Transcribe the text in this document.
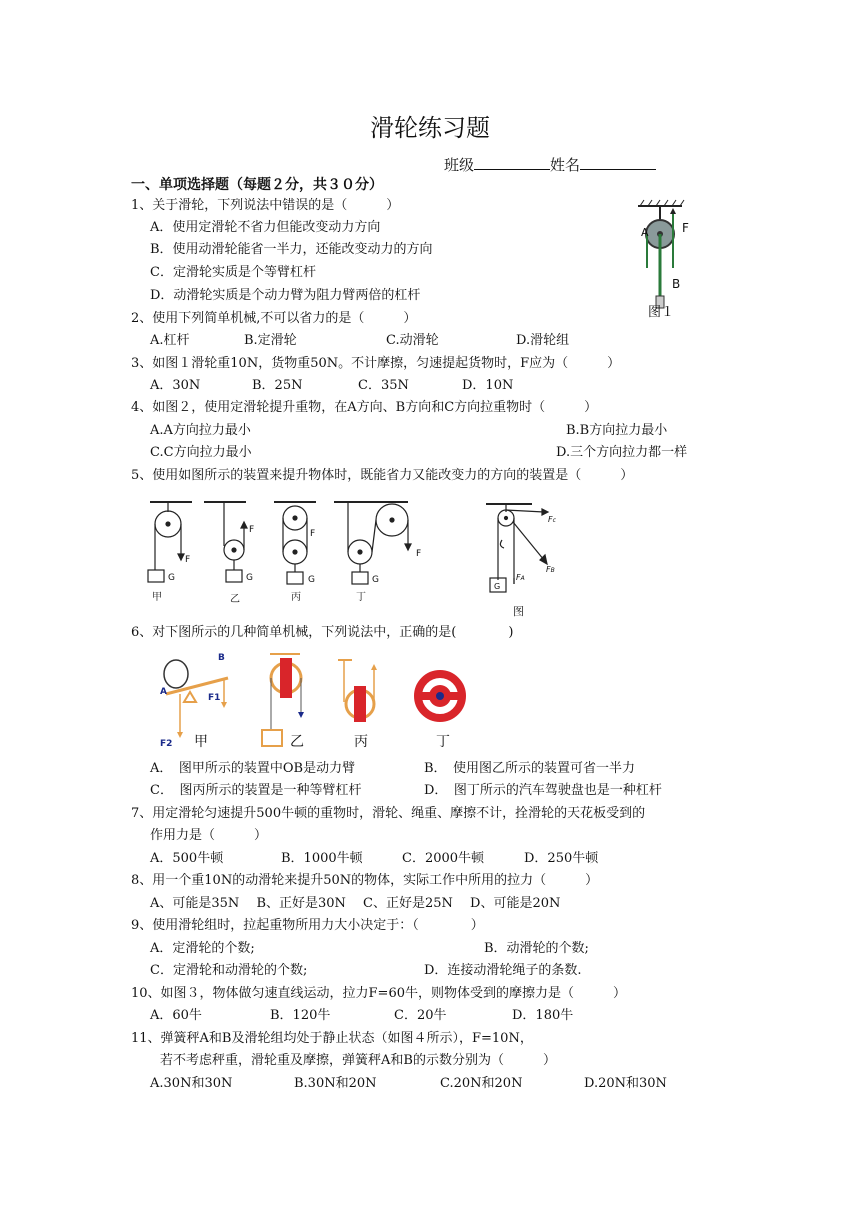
滑轮练习题
班级	姓名
一、单项选择题（每题２分，共３０分）
1、关于滑轮，下列说法中错误的是（　　　）
A．使用定滑轮不省力但能改变动力方向
B．使用动滑轮能省一半力，还能改变动力的方向
C．定滑轮实质是个等臂杠杆
D．动滑轮实质是个动力臂为阻力臂两倍的杠杆
F
A
B
图１
2、使用下列简单机械,不可以省力的是（　　　）
A.杠杆	B.定滑轮	C.动滑轮	D.滑轮组
3、如图１滑轮重10N，货物重50N。不计摩擦，匀速提起货物时，F应为（　　　）
A．30N	B．25N	C．35N	D．10N
4、如图２，使用定滑轮提升重物，在A方向、B方向和C方向拉重物时（　　　）
A.A方向拉力最小	B.B方向拉力最小
C.C方向拉力最小	D.三个方向拉力都一样
5、使用如图所示的装置来提升物体时，既能省力又能改变力的方向的装置是（　　　）
F
G
F
G
F
G
F
G
甲	乙	丙	丁
Fc
FB
FA
G
图
6、对下图所示的几种简单机械，下列说法中，正确的是(　　　　)
B
A
F1
F2 甲	乙	丙	丁
A．　图甲所示的装置中OB是动力臂	B．　使用图乙所示的装置可省一半力
C．　图丙所示的装置是一种等臂杠杆	D．　图丁所示的汽车驾驶盘也是一种杠杆
7、用定滑轮匀速提升500牛顿的重物时，滑轮、绳重、摩擦不计，拴滑轮的天花板受到的
作用力是（　　　）
A．500牛顿	B．1000牛顿	C．2000牛顿	D．250牛顿
8、用一个重10N的动滑轮来提升50N的物体，实际工作中所用的拉力（　　　）
A、可能是35N　 B、正好是30N　 C、正好是25N　 D、可能是20N
9、使用滑轮组时，拉起重物所用力大小决定于：（　　　　）
A．定滑轮的个数;	B．动滑轮的个数;
C．定滑轮和动滑轮的个数;	D．连接动滑轮绳子的条数.
10、如图３，物体做匀速直线运动，拉力F=60牛，则物体受到的摩擦力是（　　　）
A．60牛	B．120牛	C．20牛	D．180牛
11、弹簧秤A和B及滑轮组均处于静止状态（如图４所示），F=10N，
若不考虑秤重，滑轮重及摩擦，弹簧秤A和B的示数分别为（　　　）
A.30N和30N	B.30N和20N	C.20N和20N	D.20N和30N
